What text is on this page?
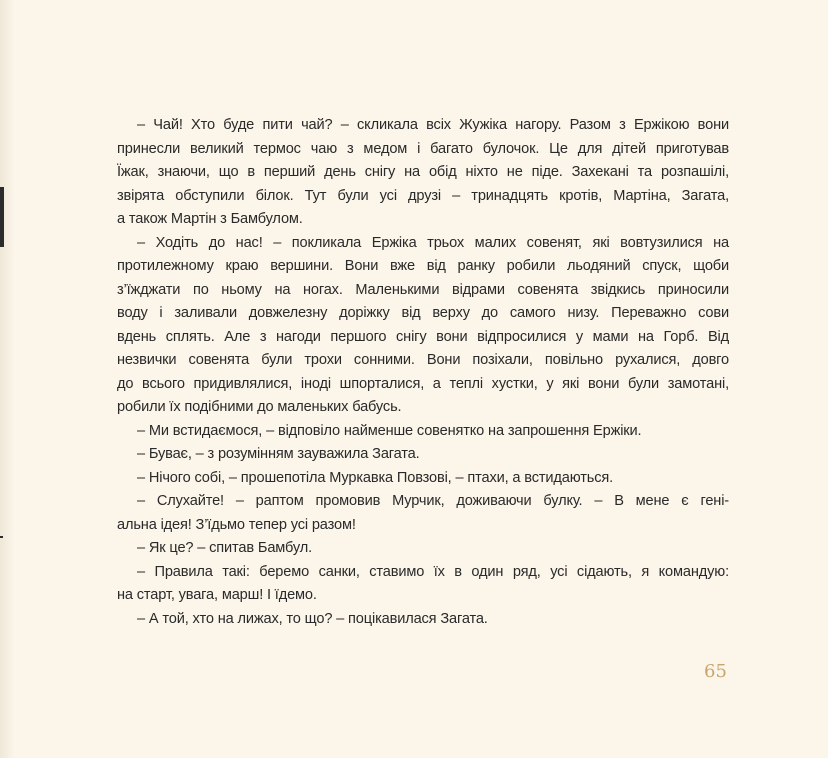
– Чай! Хто буде пити чай? – скликала всіх Жужіка нагору. Разом з Ержікою вони
принесли великий термос чаю з медом і багато булочок. Це для дітей приготував
Їжак, знаючи, що в перший день снігу на обід ніхто не піде. Захекані та розпашілі,
звірята обступили білок. Тут були усі друзі – тринадцять кротів, Мартіна, Загата,
а також Мартін з Бамбулом.
– Ходіть до нас! – покликала Ержіка трьох малих совенят, які вовтузилися на
протилежному краю вершини. Вони вже від ранку робили льодяний спуск, щоби
з’їжджати по ньому на ногах. Маленькими відрами совенята звідкись приносили
воду і заливали довжелезну доріжку від верху до самого низу. Переважно сови
вдень сплять. Але з нагоди першого снігу вони відпросилися у мами на Горб. Від
незвички совенята були трохи сонними. Вони позіхали, повільно рухалися, довго
до всього придивлялися, іноді шпорталися, а теплі хустки, у які вони були замотані,
робили їх подібними до маленьких бабусь.
– Ми встидаємося, – відповіло найменше совенятко на запрошення Ержіки.
– Буває, – з розумінням зауважила Загата.
– Нічого собі, – прошепотіла Муркавка Повзові, – птахи, а встидаються.
– Слухайте! – раптом промовив Мурчик, доживаючи булку. – В мене є гені-
альна ідея! З’їдьмо тепер усі разом!
– Як це? – спитав Бамбул.
– Правила такі: беремо санки, ставимо їх в один ряд, усі сідають, я командую:
на старт, увага, марш! І їдемо.
– А той, хто на лижах, то що? – поцікавилася Загата.
65
